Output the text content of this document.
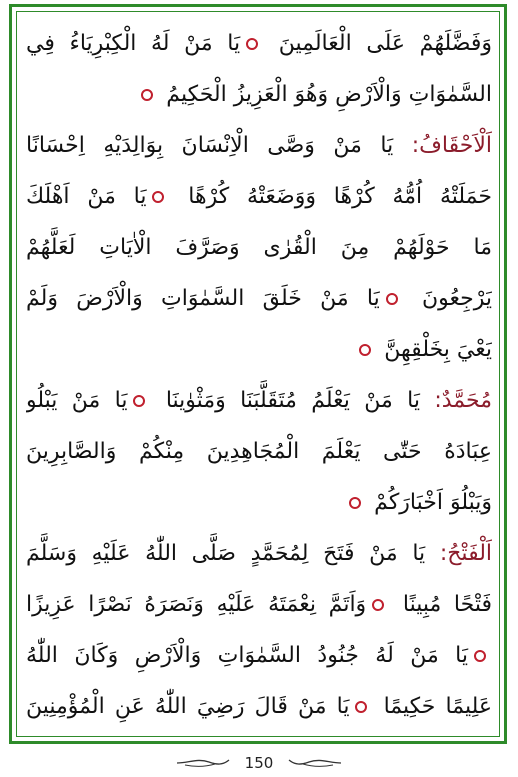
وَفَضَّلَهُمْ عَلَى الْعَالَمِينَ يَا مَنْ لَهُ الْكِبْرِيَاءُ فِي
السَّمٰوَاتِ وَالْاَرْضِ وَهُوَ الْعَزِيزُ الْحَكِيمُ
اَلْاَحْقَافُ: يَا مَنْ وَصَّى الْاِنْسَانَ بِوَالِدَيْهِ اِحْسَانًا
حَمَلَتْهُ اُمُّهُ كُرْهًا وَوَضَعَتْهُ كُرْهًا يَا مَنْ اَهْلَكَ
مَا حَوْلَهُمْ مِنَ الْقُرٰى وَصَرَّفَ الْاٰيَاتِ لَعَلَّهُمْ
يَرْجِعُونَ يَا مَنْ خَلَقَ السَّمٰوَاتِ وَالْاَرْضَ وَلَمْ
يَعْيَ بِخَلْقِهِنَّ
مُحَمَّدٌ: يَا مَنْ يَعْلَمُ مُتَقَلَّبَنَا وَمَثْوٰينَا يَا مَنْ يَبْلُو
عِبَادَهُ حَتّٰى يَعْلَمَ الْمُجَاهِدِينَ مِنْكُمْ وَالصَّابِرِينَ
وَيَبْلُوَ اَخْبَارَكُمْ
اَلْفَتْحُ: يَا مَنْ فَتَحَ لِمُحَمَّدٍ صَلَّى اللّٰهُ عَلَيْهِ وَسَلَّمَ
فَتْحًا مُبِينًا وَاَتَمَّ نِعْمَتَهُ عَلَيْهِ وَنَصَرَهُ نَصْرًا عَزِيزًا
يَا مَنْ لَهُ جُنُودُ السَّمٰوَاتِ وَالْاَرْضِ وَكَانَ اللّٰهُ
عَلِيمًا حَكِيمًا يَا مَنْ قَالَ رَضِيَ اللّٰهُ عَنِ الْمُؤْمِنِينَ
150
